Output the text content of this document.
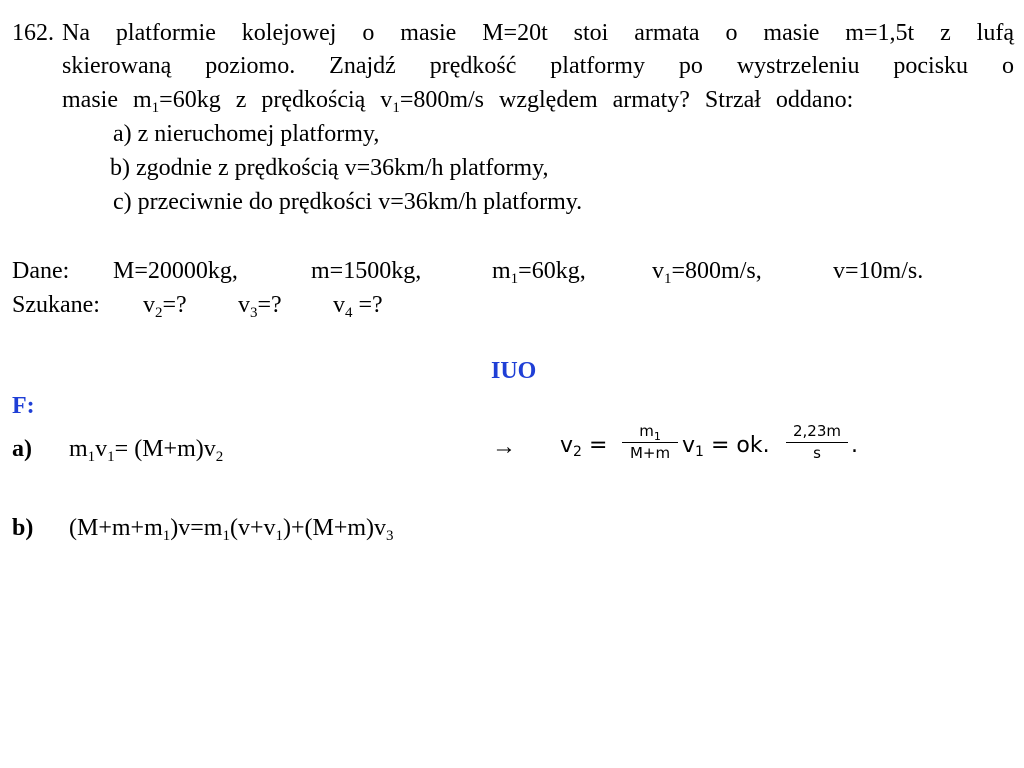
162. Na platformie kolejowej o masie M=20t stoi armata o masie m=1,5t z lufą
skierowaną poziomo. Znajdź prędkość platformy po wystrzeleniu pocisku o
masie $m_1=60kg$ z prędkością $v_1=800m/s$ względem armaty? Strzał oddano:
a) z nieruchomej platformy,
b) zgodnie z prędkością v=36km/h platformy,
c) przeciwnie do prędkości v=36km/h platformy.
Dane: M=20000kg,	m=1500kg,	$m_1=60kg$,	$v_1=800m/s$,	v=10m/s.
Szukane: $v_2=$? $v_3=$? $v_4$ =?
IUO
F:
a) $m_1v_1= (M+m)v_2$	→ v2 =
$m_1$
M+m v1 = ok.
2,23m
s	.
b) $(M+m+m_1)v=m_1(v+v_1)+(M+m)v_3$
